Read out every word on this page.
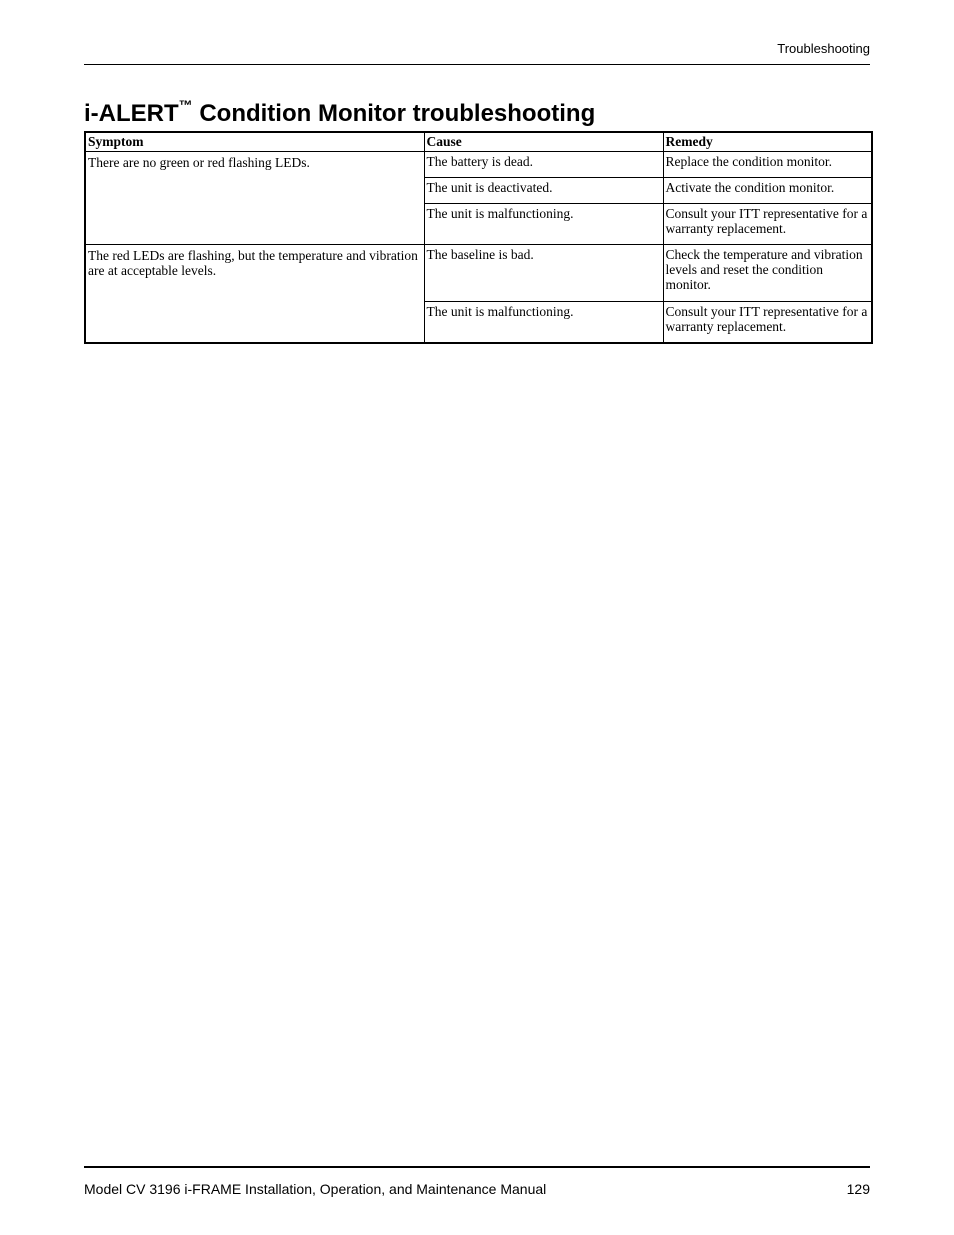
Troubleshooting
i-ALERT™ Condition Monitor troubleshooting
Symptom	Cause	Remedy
There are no green or red flashing LEDs.	The battery is dead.	Replace the condition monitor.
	The unit is deactivated.	Activate the condition monitor.
	The unit is malfunctioning.	Consult your ITT representative for a warranty replacement.
The red LEDs are flashing, but the temperature and vibration are at acceptable levels.	The baseline is bad.	Check the temperature and vibration levels and reset the condition monitor.
	The unit is malfunctioning.	Consult your ITT representative for a warranty replacement.
Model CV 3196 i-FRAME Installation, Operation, and Maintenance Manual	129
